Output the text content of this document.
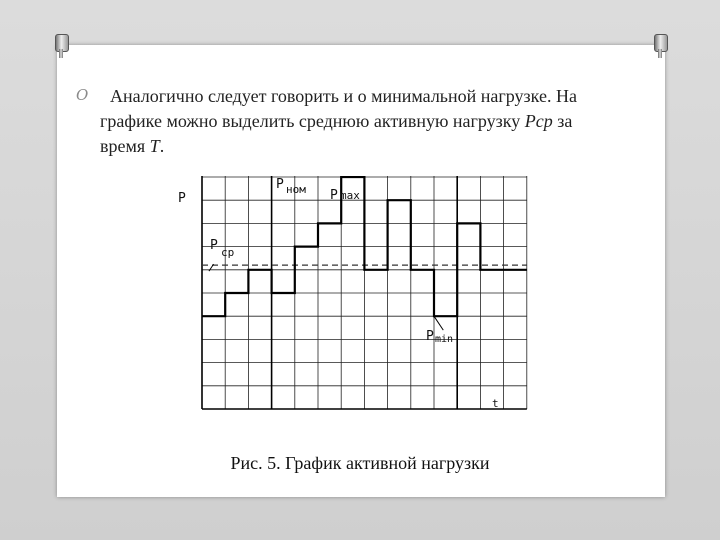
O	Аналогично следует говорить и о минимальной нагрузке. На
графике можно выделить среднюю активную нагрузку Pср за
время T.
P
t
P ном P max
P ср
P min
Рис. 5. График активной нагрузки
